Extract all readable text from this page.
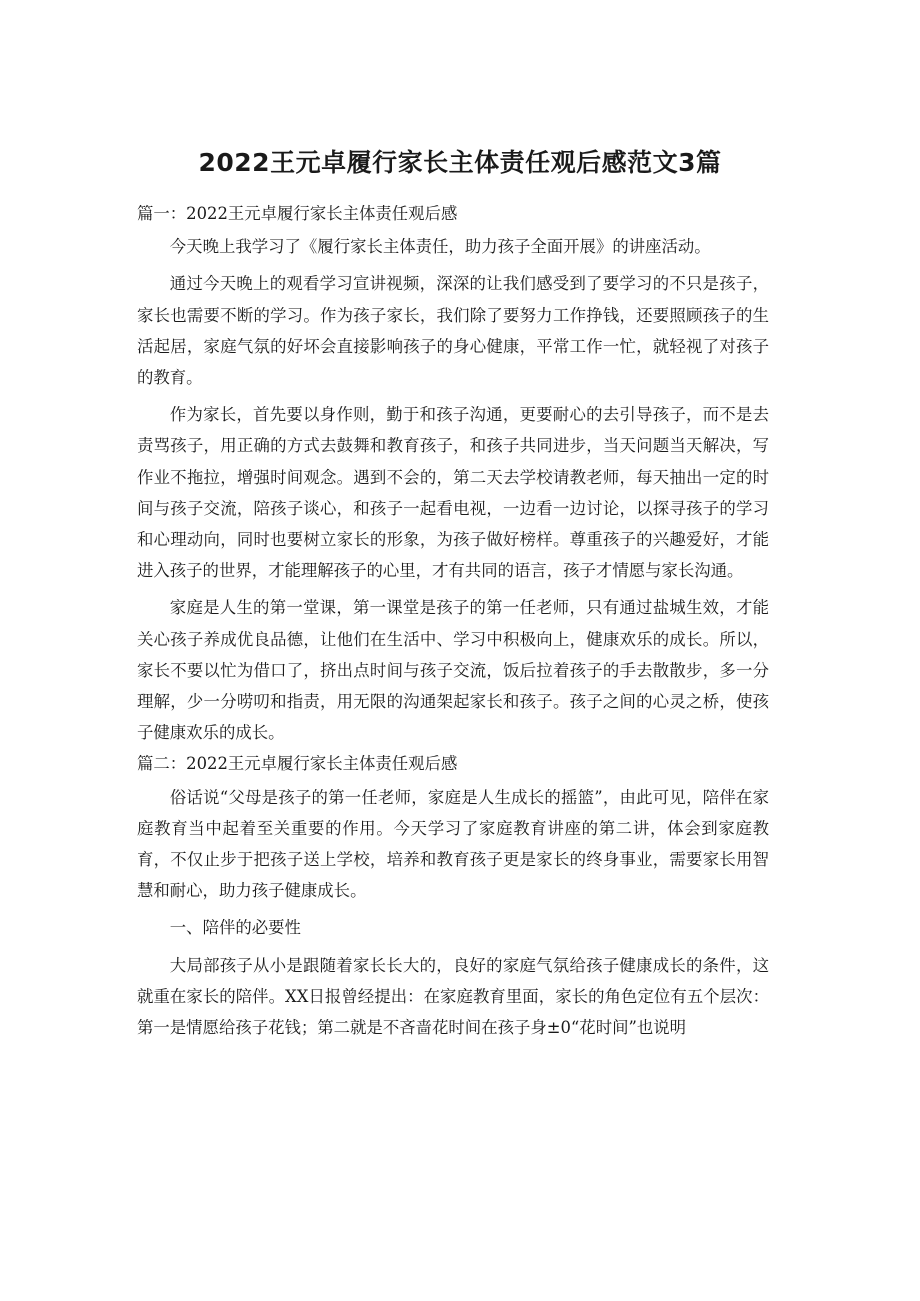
2022王元卓履行家长主体责任观后感范文3篇

篇一：2022王元卓履行家长主体责任观后感

今天晚上我学习了《履行家长主体责任，助力孩子全面开展》的讲座活动。

通过今天晚上的观看学习宣讲视频，深深的让我们感受到了要学习的不只是孩子，家长也需要不断的学习。作为孩子家长，我们除了要努力工作挣钱，还要照顾孩子的生活起居，家庭气氛的好坏会直接影响孩子的身心健康，平常工作一忙，就轻视了对孩子的教育。

作为家长，首先要以身作则，勤于和孩子沟通，更要耐心的去引导孩子，而不是去责骂孩子，用正确的方式去鼓舞和教育孩子，和孩子共同进步，当天问题当天解决，写作业不拖拉，增强时间观念。遇到不会的，第二天去学校请教老师，每天抽出一定的时间与孩子交流，陪孩子谈心，和孩子一起看电视，一边看一边讨论，以探寻孩子的学习和心理动向，同时也要树立家长的形象，为孩子做好榜样。尊重孩子的兴趣爱好，才能进入孩子的世界，才能理解孩子的心里，才有共同的语言，孩子才情愿与家长沟通。

家庭是人生的第一堂课，第一课堂是孩子的第一任老师，只有通过盐城生效，才能关心孩子养成优良品德，让他们在生活中、学习中积极向上，健康欢乐的成长。所以，家长不要以忙为借口了，挤出点时间与孩子交流，饭后拉着孩子的手去散散步，多一分理解，少一分唠叨和指责，用无限的沟通架起家长和孩子。孩子之间的心灵之桥，使孩子健康欢乐的成长。

篇二：2022王元卓履行家长主体责任观后感

俗话说“父母是孩子的第一任老师，家庭是人生成长的摇篮”，由此可见，陪伴在家庭教育当中起着至关重要的作用。今天学习了家庭教育讲座的第二讲，体会到家庭教育，不仅止步于把孩子送上学校，培养和教育孩子更是家长的终身事业，需要家长用智慧和耐心，助力孩子健康成长。

一、陪伴的必要性

大局部孩子从小是跟随着家长长大的，良好的家庭气氛给孩子健康成长的条件，这就重在家长的陪伴。XX日报曾经提出：在家庭教育里面，家长的角色定位有五个层次：第一是情愿给孩子花钱；第二就是不吝啬花时间在孩子身±0“花时间”也说明
